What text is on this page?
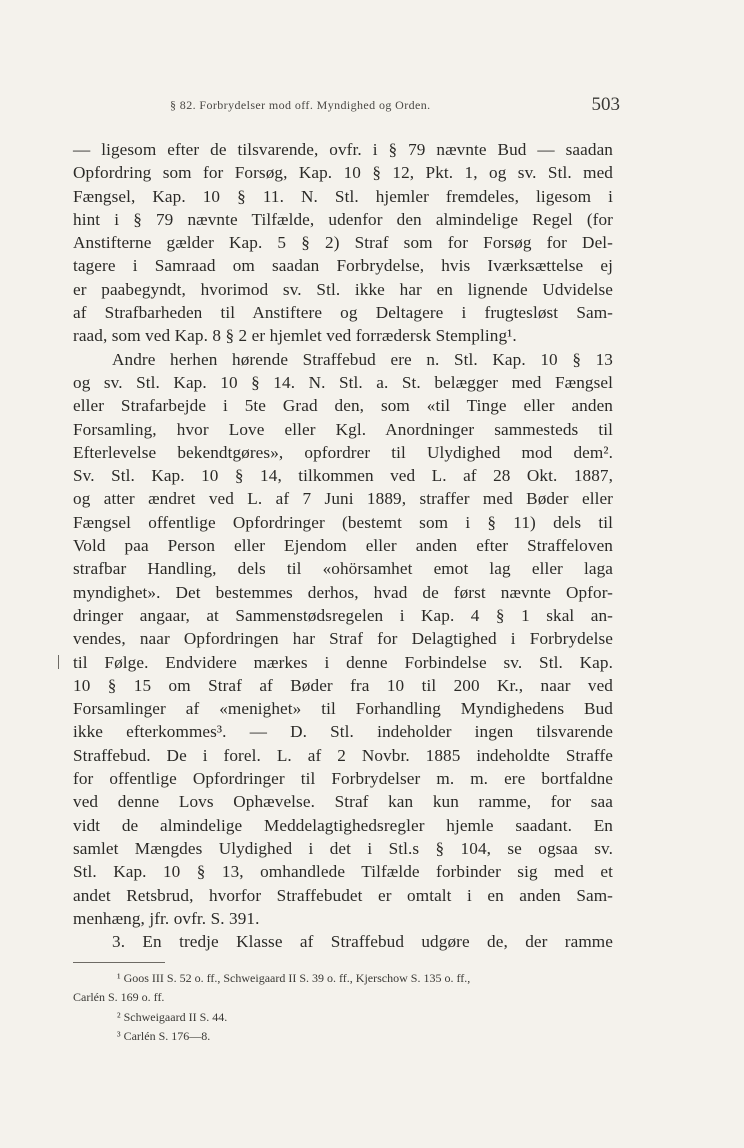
§ 82. Forbrydelser mod off. Myndighed og Orden.	503
— ligesom efter de tilsvarende, ovfr. i § 79 nævnte Bud — saadan
Opfordring som for Forsøg, Kap. 10 § 12, Pkt. 1, og sv. Stl. med
Fængsel, Kap. 10 § 11. N. Stl. hjemler fremdeles, ligesom i
hint i § 79 nævnte Tilfælde, udenfor den almindelige Regel (for
Anstifterne gælder Kap. 5 § 2) Straf som for Forsøg for Del-
tagere i Samraad om saadan Forbrydelse, hvis Iværksættelse ej
er paabegyndt, hvorimod sv. Stl. ikke har en lignende Udvidelse
af Strafbarheden til Anstiftere og Deltagere i frugtesløst Sam-
raad, som ved Kap. 8 § 2 er hjemlet ved forrædersk Stempling¹.
Andre herhen hørende Straffebud ere n. Stl. Kap. 10 § 13
og sv. Stl. Kap. 10 § 14. N. Stl. a. St. belægger med Fængsel
eller Strafarbejde i 5te Grad den, som «til Tinge eller anden
Forsamling, hvor Love eller Kgl. Anordninger sammesteds til
Efterlevelse bekendtgøres», opfordrer til Ulydighed mod dem².
Sv. Stl. Kap. 10 § 14, tilkommen ved L. af 28 Okt. 1887,
og atter ændret ved L. af 7 Juni 1889, straffer med Bøder eller
Fængsel offentlige Opfordringer (bestemt som i § 11) dels til
Vold paa Person eller Ejendom eller anden efter Straffeloven
strafbar Handling, dels til «ohörsamhet emot lag eller laga
myndighet». Det bestemmes derhos, hvad de først nævnte Opfor-
dringer angaar, at Sammenstødsregelen i Kap. 4 § 1 skal an-
vendes, naar Opfordringen har Straf for Delagtighed i Forbrydelse
til Følge. Endvidere mærkes i denne Forbindelse sv. Stl. Kap.
10 § 15 om Straf af Bøder fra 10 til 200 Kr., naar ved
Forsamlinger af «menighet» til Forhandling Myndighedens Bud
ikke efterkommes³. — D. Stl. indeholder ingen tilsvarende
Straffebud. De i forel. L. af 2 Novbr. 1885 indeholdte Straffe
for offentlige Opfordringer til Forbrydelser m. m. ere bortfaldne
ved denne Lovs Ophævelse. Straf kan kun ramme, for saa
vidt de almindelige Meddelagtighedsregler hjemle saadant. En
samlet Mængdes Ulydighed i det i Stl.s § 104, se ogsaa sv.
Stl. Kap. 10 § 13, omhandlede Tilfælde forbinder sig med et
andet Retsbrud, hvorfor Straffebudet er omtalt i en anden Sam-
menhæng, jfr. ovfr. S. 391.
3. En tredje Klasse af Straffebud udgøre de, der ramme
¹ Goos III S. 52 o. ff., Schweigaard II S. 39 o. ff., Kjerschow S. 135 o. ff.,
Carlén S. 169 o. ff.
² Schweigaard II S. 44.
³ Carlén S. 176—8.
